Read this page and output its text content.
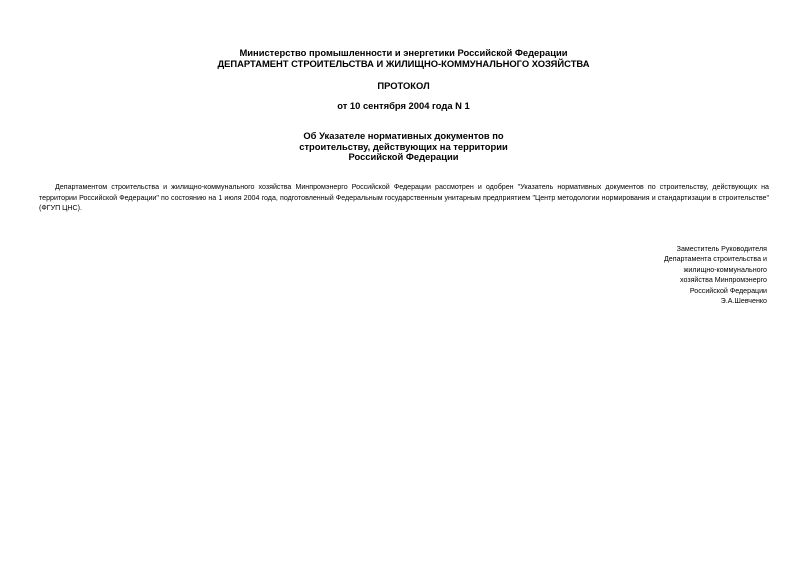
Министерство промышленности и энергетики Российской Федерации
ДЕПАРТАМЕНТ СТРОИТЕЛЬСТВА И ЖИЛИЩНО-КОММУНАЛЬНОГО ХОЗЯЙСТВА
ПРОТОКОЛ
от 10 сентября 2004 года N 1
Об Указателе нормативных документов по
строительству, действующих на территории
Российской Федерации

Департаментом строительства и жилищно-коммунального хозяйства Минпромэнерго Российской Федерации рассмотрен и одобрен "Указатель нормативных документов по строительству, действующих на территории Российской Федерации" по состоянию на 1 июля 2004 года, подготовленный Федеральным государственным унитарным предприятием "Центр методологии нормирования и стандартизации в строительстве" (ФГУП ЦНС).

Заместитель Руководителя
Департамента строительства и
жилищно-коммунального
хозяйства Минпромэнерго
Российской Федерации
Э.А.Шевченко
